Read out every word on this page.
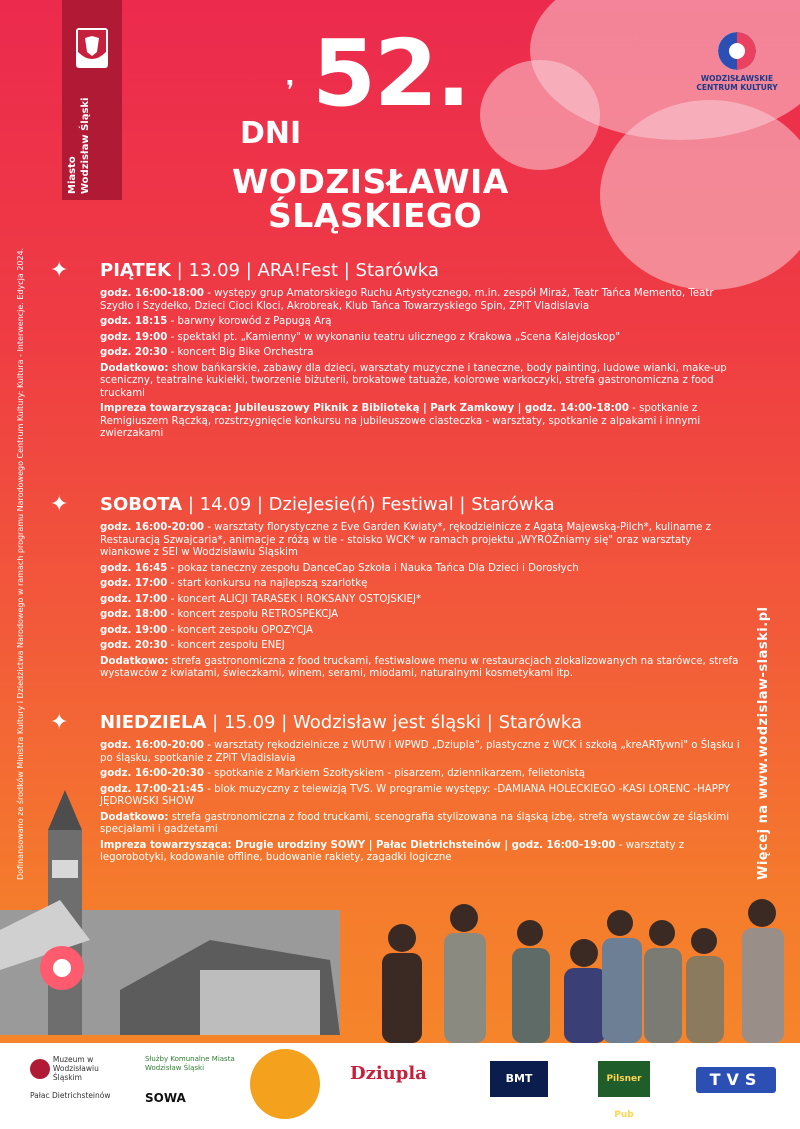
Miasto Wodzisław Śląski
Dofinansowano ze środków Ministra Kultury i Dziedzictwa Narodowego w ramach programu Narodowego Centrum Kultury: Kultura - Interwencje. Edycja 2024.	Więcej na www.wodzislaw-slaski.pl
WODZISŁAWSKIE
CENTRUM KULTURY
❜ 52.
DNI
WODZISŁAWIA
ŚLĄSKIEGO
✦ PIĄTEK | 13.09 | ARA!Fest | Starówka
godz. 16:00-18:00 - występy grup Amatorskiego Ruchu Artystycznego, m.in. zespół Miraż, Teatr Tańca Memento, Teatr Szydło i Szydełko, Dzieci Cioci Kloci, Akrobreak, Klub Tańca Towarzyskiego Spin, ZPiT Vladislavia
godz. 18:15 - barwny korowód z Papugą Arą
godz. 19:00 - spektakl pt. „Kamienny" w wykonaniu teatru ulicznego z Krakowa „Scena Kalejdoskop"
godz. 20:30 - koncert Big Bike Orchestra
Dodatkowo: show bańkarskie, zabawy dla dzieci, warsztaty muzyczne i taneczne, body painting, ludowe wianki, make-up sceniczny, teatralne kukiełki, tworzenie biżuterii, brokatowe tatuaże, kolorowe warkoczyki, strefa gastronomiczna z food truckami
Impreza towarzysząca: Jubileuszowy Piknik z Biblioteką | Park Zamkowy | godz. 14:00-18:00 - spotkanie z Remigiuszem Rączką, rozstrzygnięcie konkursu na jubileuszowe ciasteczka - warsztaty, spotkanie z alpakami i innymi zwierzakami
✦ SOBOTA | 14.09 | DzieJesie(ń) Festiwal | Starówka
godz. 16:00-20:00 - warsztaty florystyczne z Eve Garden Kwiaty*, rękodzielnicze z Agatą Majewską-Pilch*, kulinarne z Restauracją Szwajcaria*, animacje z różą w tle - stoisko WCK* w ramach projektu „WYRÓŻniamy się" oraz warsztaty wiankowe z SEI w Wodzisławiu Śląskim
godz. 16:45 - pokaz taneczny zespołu DanceCap Szkoła i Nauka Tańca Dla Dzieci i Dorosłych
godz. 17:00 - start konkursu na najlepszą szarlotkę
godz. 17:00 - koncert ALICJI TARASEK I ROKSANY OSTOJSKIEJ*
godz. 18:00 - koncert zespołu RETROSPEKCJA
godz. 19:00 - koncert zespołu OPOZYCJA
godz. 20:30 - koncert zespołu ENEJ
Dodatkowo: strefa gastronomiczna z food truckami, festiwalowe menu w restauracjach zlokalizowanych na starówce, strefa wystawców z kwiatami, świeczkami, winem, serami, miodami, naturalnymi kosmetykami itp.
✦ NIEDZIELA | 15.09 | Wodzisław jest śląski | Starówka
godz. 16:00-20:00 - warsztaty rękodzielnicze z WUTW i WPWD „Dziupla", plastyczne z WCK i szkołą „kreARTywni" o Śląsku i po śląsku, spotkanie z ZPiT Vladislavia
godz. 16:00-20:30 - spotkanie z Markiem Szołtyskiem - pisarzem, dziennikarzem, felietonistą
godz. 17:00-21:45 - blok muzyczny z telewizją TVS. W programie występy: -DAMIANA HOLECKIEGO -KASI LORENC -HAPPY JĘDROWSKI SHOW
Dodatkowo: strefa gastronomiczna z food truckami, scenografia stylizowana na śląską izbę, strefa wystawców ze śląskimi specjałami i gadżetami
Impreza towarzysząca: Drugie urodziny SOWY | Pałac Dietrichsteinów | godz. 16:00-19:00 - warsztaty z legorobotyki, kodowanie offline, budowanie rakiety, zagadki logiczne
Muzeum w Wodzisławiu Śląskim
Pałac Dietrichsteinów
Służby Komunalne Miasta Wodzisław Śląski
SOWA
Dziupla	BMT EVENTS
Pilsner Pub
TVS
